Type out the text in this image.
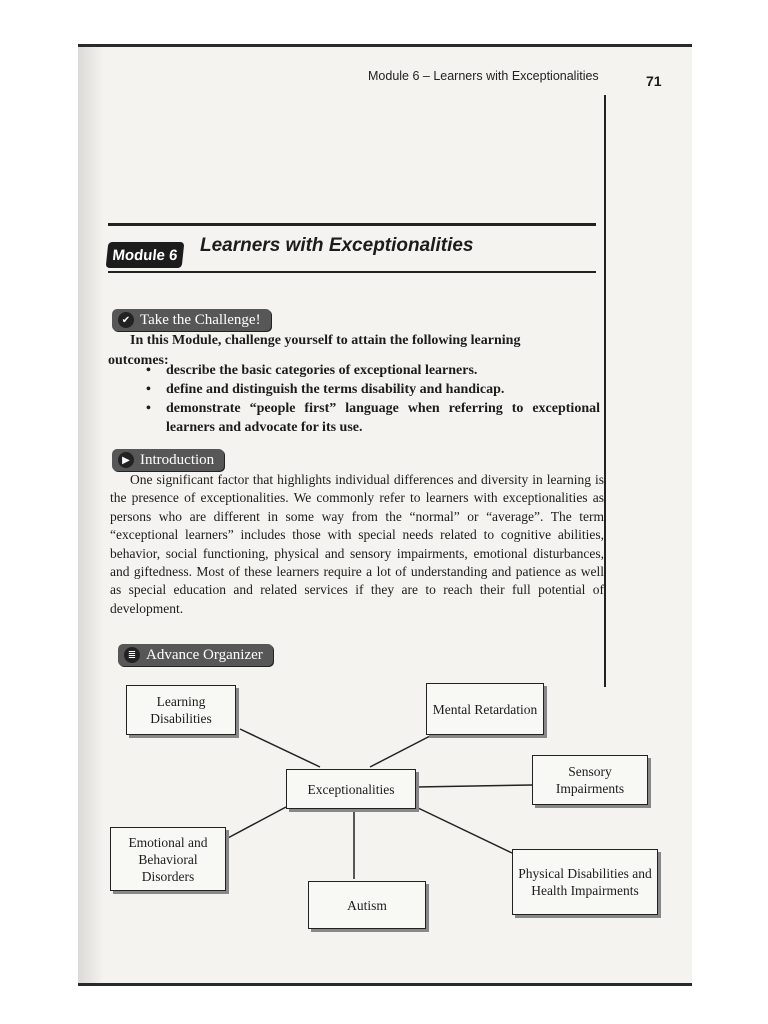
Module 6 – Learners with Exceptionalities	71
Module 6	Learners with Exceptionalities
✔ Take the Challenge!
In this Module, challenge yourself to attain the following learning
outcomes:
• describe the basic categories of exceptional learners.
• define and distinguish the terms disability and handicap.
• demonstrate “people first” language when referring to exceptional learners and advocate for its use.
▶ Introduction
One significant factor that highlights individual differences and diversity in learning is the presence of exceptionalities. We commonly refer to learners with exceptionalities as persons who are different in some way from the “normal” or “average”. The term “exceptional learners” includes those with special needs related to cognitive abilities, behavior, social functioning, physical and sensory impairments, emotional disturbances, and giftedness. Most of these learners require a lot of understanding and patience as well as special education and related services if they are to reach their full potential of development.
≣ Advance Organizer
Learning Disabilities
Mental Retardation
Exceptionalities
Sensory Impairments
Emotional and Behavioral Disorders
Autism
Physical Disabilities and Health Impairments
